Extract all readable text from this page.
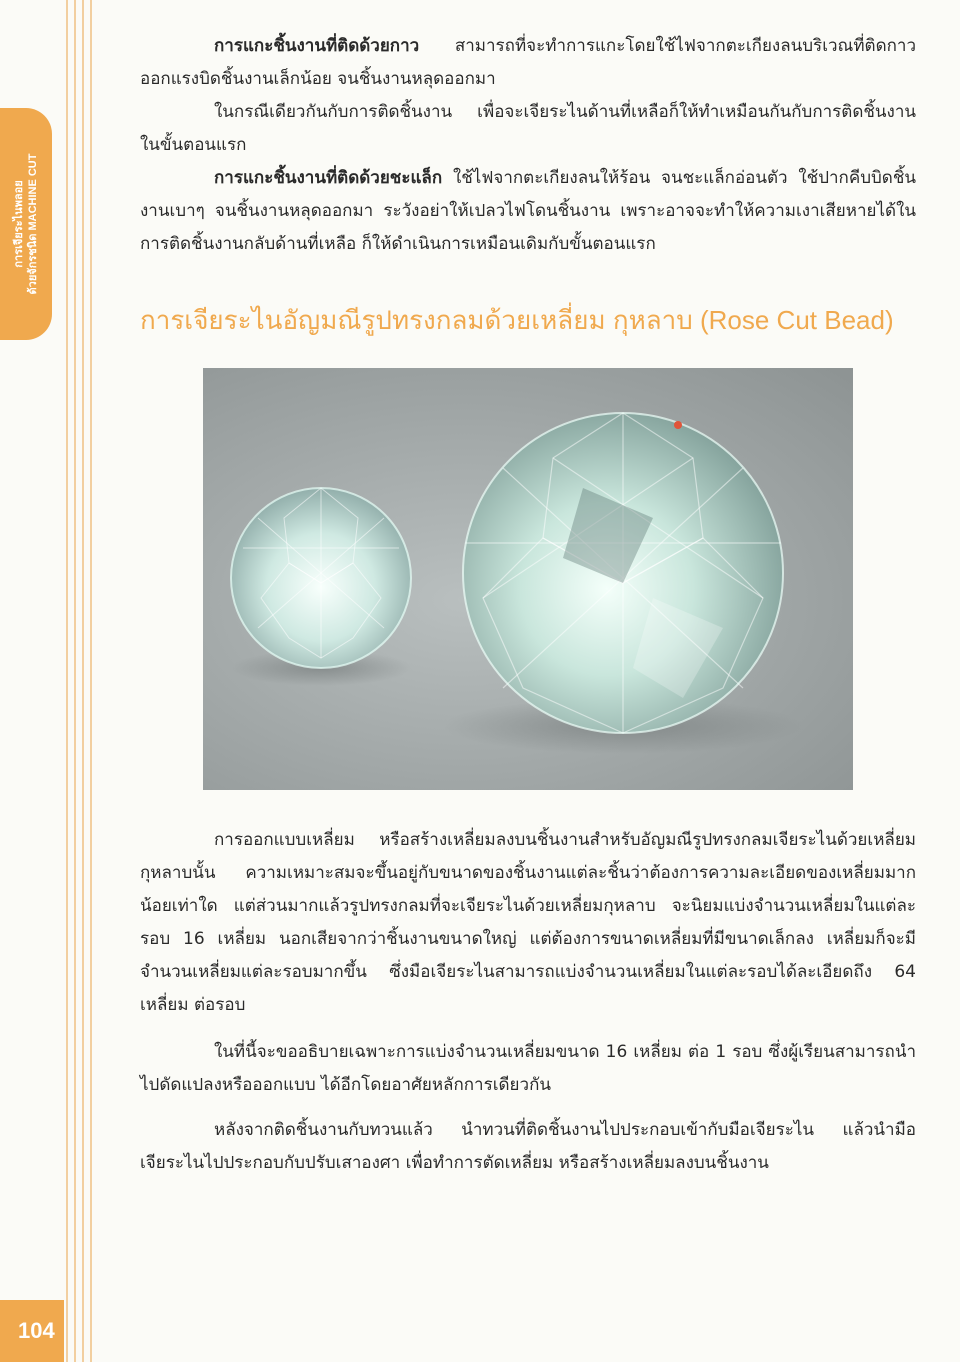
การเจียระไนพลอย ด้วยจักรชนิด MACHINE CUT
104

การแกะชิ้นงานที่ติดด้วยกาว สามารถที่จะทำการแกะโดยใช้ไฟจากตะเกียงลนบริเวณที่ติดกาวออกแรงบิดชิ้นงานเล็กน้อย จนชิ้นงานหลุดออกมา

ในกรณีเดียวกันกับการติดชิ้นงาน เพื่อจะเจียระไนด้านที่เหลือก็ให้ทำเหมือนกันกับการติดชิ้นงานในขั้นตอนแรก

การแกะชิ้นงานที่ติดด้วยชะแล็ก ใช้ไฟจากตะเกียงลนให้ร้อน จนชะแล็กอ่อนตัว ใช้ปากคีบบิดชิ้นงานเบาๆ จนชิ้นงานหลุดออกมา ระวังอย่าให้เปลวไฟโดนชิ้นงาน เพราะอาจจะทำให้ความเงาเสียหายได้ในการติดชิ้นงานกลับด้านที่เหลือ ก็ให้ดำเนินการเหมือนเดิมกับขั้นตอนแรก

การเจียระไนอัญมณีรูปทรงกลมด้วยเหลี่ยม กุหลาบ (Rose Cut Bead)

การออกแบบเหลี่ยม หรือสร้างเหลี่ยมลงบนชิ้นงานสำหรับอัญมณีรูปทรงกลมเจียระไนด้วยเหลี่ยมกุหลาบนั้น ความเหมาะสมจะขึ้นอยู่กับขนาดของชิ้นงานแต่ละชิ้นว่าต้องการความละเอียดของเหลี่ยมมากน้อยเท่าใด แต่ส่วนมากแล้วรูปทรงกลมที่จะเจียระไนด้วยเหลี่ยมกุหลาบ จะนิยมแบ่งจำนวนเหลี่ยมในแต่ละรอบ 16 เหลี่ยม นอกเสียจากว่าชิ้นงานขนาดใหญ่ แต่ต้องการขนาดเหลี่ยมที่มีขนาดเล็กลง เหลี่ยมก็จะมีจำนวนเหลี่ยมแต่ละรอบมากขึ้น ซึ่งมือเจียระไนสามารถแบ่งจำนวนเหลี่ยมในแต่ละรอบได้ละเอียดถึง 64 เหลี่ยม ต่อรอบ

ในที่นี้จะขออธิบายเฉพาะการแบ่งจำนวนเหลี่ยมขนาด 16 เหลี่ยม ต่อ 1 รอบ ซึ่งผู้เรียนสามารถนำไปดัดแปลงหรือออกแบบ ได้อีกโดยอาศัยหลักการเดียวกัน

หลังจากติดชิ้นงานกับทวนแล้ว นำทวนที่ติดชิ้นงานไปประกอบเข้ากับมือเจียระไน แล้วนำมือเจียระไนไปประกอบกับปรับเสาองศา เพื่อทำการตัดเหลี่ยม หรือสร้างเหลี่ยมลงบนชิ้นงาน
